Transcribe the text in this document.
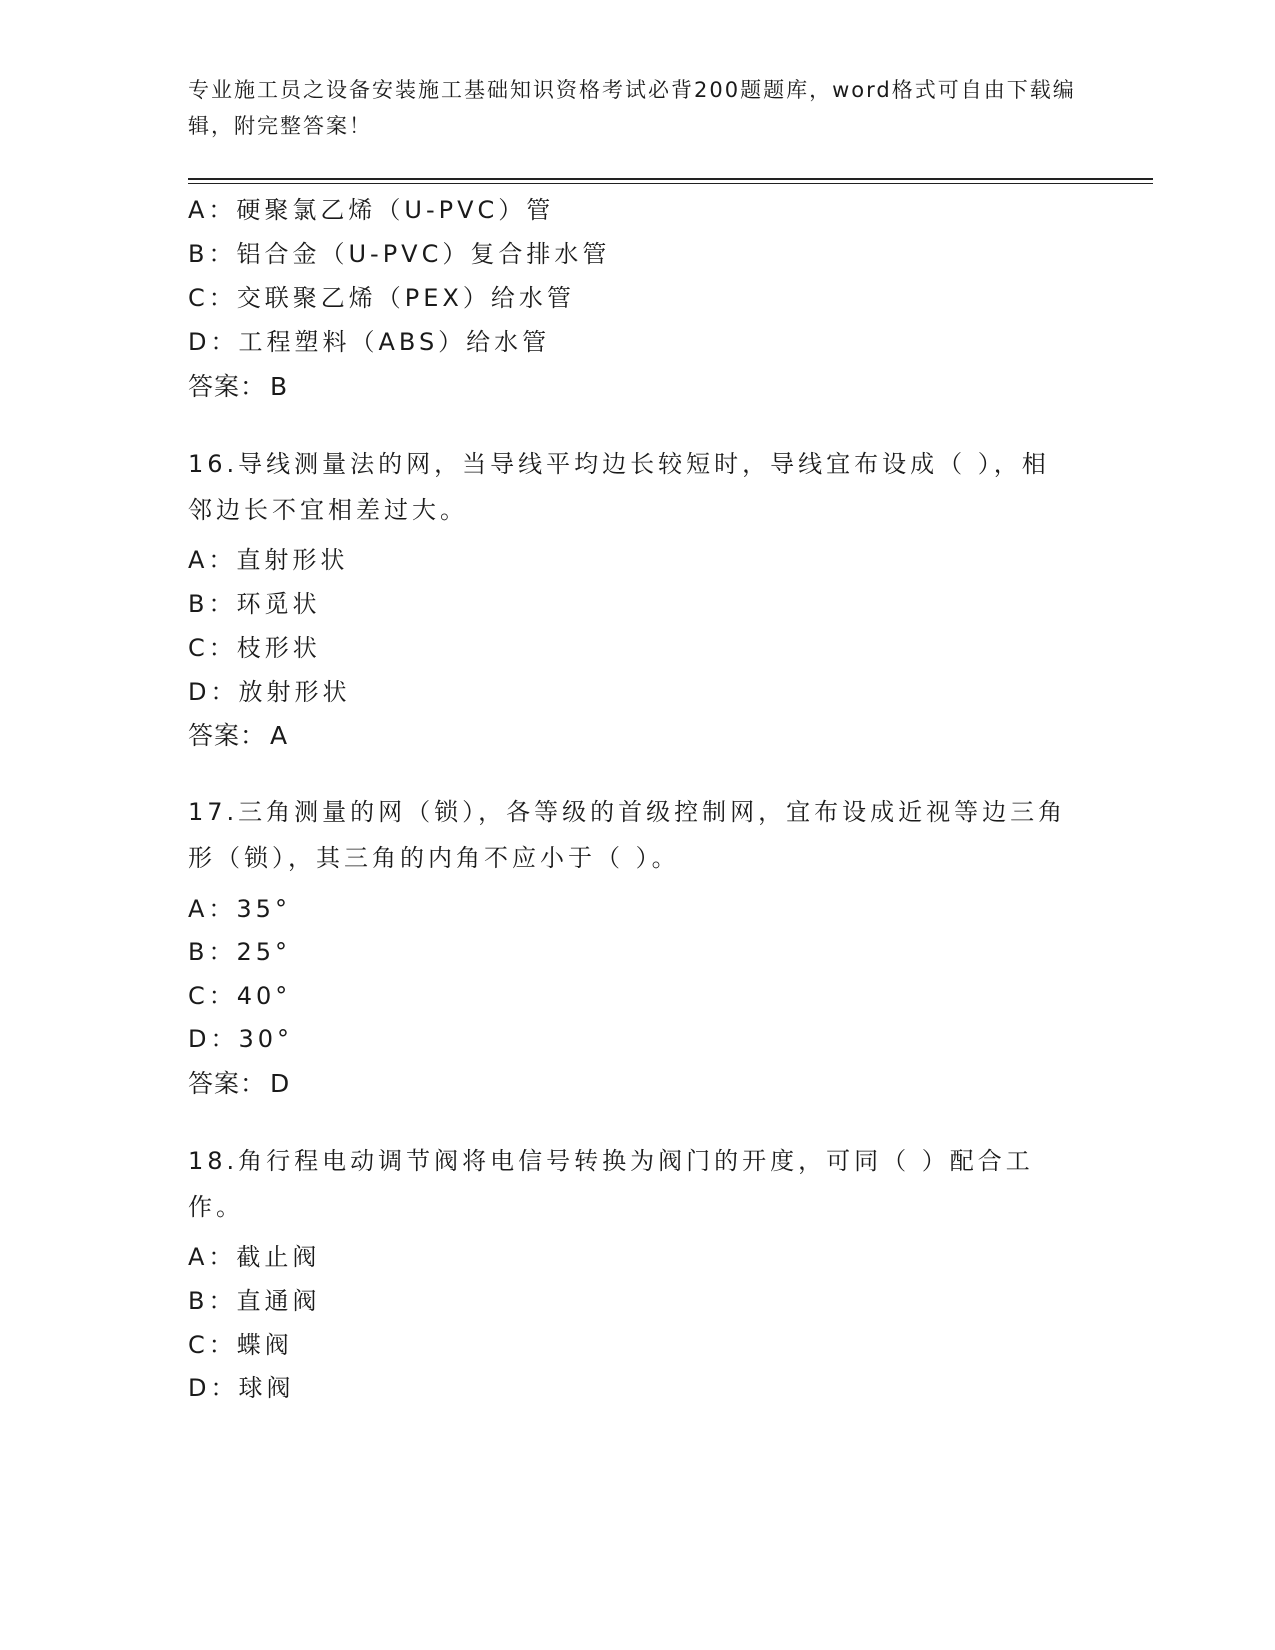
专业施工员之设备安装施工基础知识资格考试必背200题题库，word格式可自由下载编辑，附完整答案！
A：硬聚氯乙烯（U-PVC）管
B：铝合金（U-PVC）复合排水管
C：交联聚乙烯（PEX）给水管
D：工程塑料（ABS）给水管
答案： B
16.导线测量法的网，当导线平均边长较短时，导线宜布设成（ ），相邻边长不宜相差过大。
A：直射形状
B：环觅状
C：枝形状
D：放射形状
答案： A
17.三角测量的网（锁），各等级的首级控制网，宜布设成近视等边三角形（锁），其三角的内角不应小于（ ）。
A：35°
B：25°
C：40°
D：30°
答案： D
18.角行程电动调节阀将电信号转换为阀门的开度，可同（ ）配合工作。
A：截止阀
B：直通阀
C：蝶阀
D：球阀
